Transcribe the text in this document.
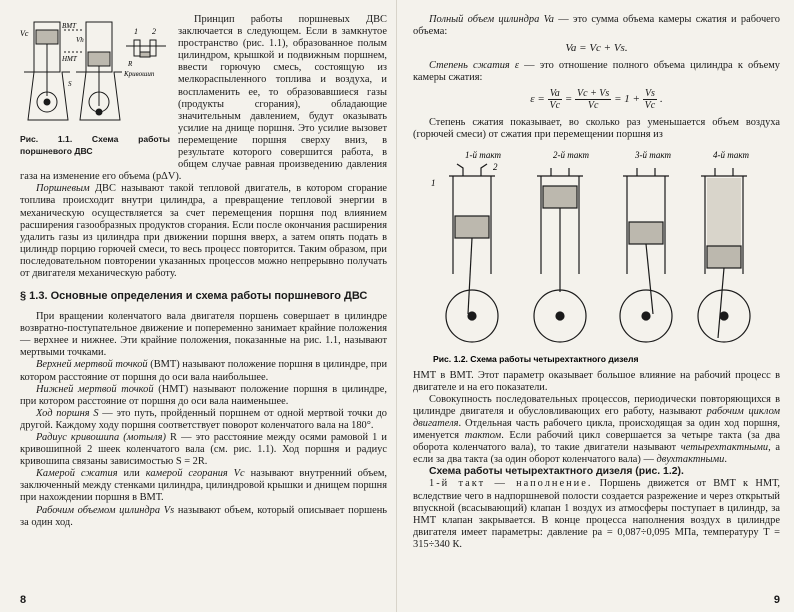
Vc
ВМТ
Vh
НМТ
1 2
R
Кривошип
S
Рис. 1.1. Схема работы поршневого ДВС
Принцип работы поршневых ДВС заключается в следующем. Если в замкнутое пространство (рис. 1.1), образованное полым цилиндром, крышкой и подвижным поршнем, ввести горючую смесь, состоящую из мелкораспыленного топлива и воздуха, и воспламенить ее, то образовавшиеся газы (продукты сгорания), обладающие значительным давлением, будут оказывать усилие на днище поршня. Это усилие вызовет перемещение поршня сверху вниз, в результате которого совершится работа, в общем случае равная произведению давления газа на изменение его объема (pΔV).

Поршневым ДВС называют такой тепловой двигатель, в котором сгорание топлива происходит внутри цилиндра, а превращение тепловой энергии в механическую осуществляется за счет перемещения поршня под влиянием расширения газообразных продуктов сгорания. Если после окончания расширения удалить газы из цилиндра при движении поршня вверх, а затем опять подать в цилиндр порцию горючей смеси, то весь процесс повторится. Таким образом, при последовательном повторении указанных процессов можно непрерывно получать от двигателя механическую работу.

§ 1.3. Основные определения и схема работы поршневого ДВС

При вращении коленчатого вала двигателя поршень совершает в цилиндре возвратно-поступательное движение и попеременно занимает крайние положения — верхнее и нижнее. Эти крайние положения, показанные на рис. 1.1, называют мертвыми точками.

Верхней мертвой точкой (ВМТ) называют положение поршня в цилиндре, при котором расстояние от поршня до оси вала наибольшее.

Нижней мертвой точкой (НМТ) называют положение поршня в цилиндре, при котором расстояние от поршня до оси вала наименьшее.

Ход поршня S — это путь, пройденный поршнем от одной мертвой точки до другой. Каждому ходу поршня соответствует поворот коленчатого вала на 180°.

Радиус кривошипа (мотыля) R — это расстояние между осями рамовой 1 и кривошипной 2 шеек коленчатого вала (см. рис. 1.1). Ход поршня и радиус кривошипа связаны зависимостью S = 2R.

Камерой сжатия или камерой сгорания Vc называют внутренний объем, заключенный между стенками цилиндра, цилиндровой крышки и днищем поршня при нахождении поршня в ВМТ.

Рабочим объемом цилиндра Vs называют объем, который описывает поршень за один ход.

8

Полный объем цилиндра Va — это сумма объема камеры сжатия и рабочего объема:

Va = Vc + Vs.

Степень сжатия ε — это отношение полного объема цилиндра к объему камеры сжатия:

$\varepsilon = \frac{Va}{Vc} = \frac{Vc + Vs}{Vc} = 1 + \frac{Vs}{Vc}$ .

Степень сжатия показывает, во сколько раз уменьшается объем воздуха (горючей смеси) от сжатия при перемещении поршня из

1-й такт	2-й такт	3-й такт	4-й такт
1
2
Рис. 1.2. Схема работы четырехтактного дизеля

НМТ в ВМТ. Этот параметр оказывает большое влияние на рабочий процесс в двигателе и на его показатели.

Совокупность последовательных процессов, периодически повторяющихся в цилиндре двигателя и обусловливающих его работу, называют рабочим циклом двигателя. Отдельная часть рабочего цикла, происходящая за один ход поршня, именуется тактом. Если рабочий цикл совершается за четыре такта (за два оборота коленчатого вала), то такие двигатели называют четырехтактными, а если за два такта (за один оборот коленчатого вала) — двухтактными.

Схема работы четырехтактного дизеля (рис. 1.2).

1-й такт — наполнение. Поршень движется от ВМТ к НМТ, вследствие чего в надпоршневой полости создается разрежение и через открытый впускной (всасывающий) клапан 1 воздух из атмосферы поступает в цилиндр, за НМТ клапан закрывается. В конце процесса наполнения воздух в цилиндре двигателя имеет параметры: давление pa = 0,087÷0,095 МПа, температуру T = 315÷340 К.

9
